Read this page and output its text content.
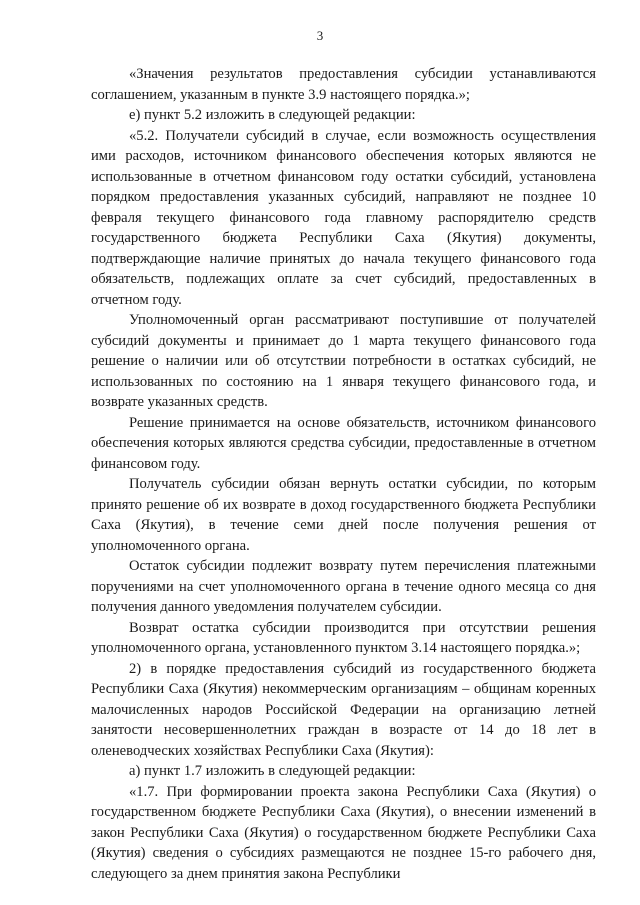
3

«Значения результатов предоставления субсидии устанавливаются соглашением, указанным в пункте 3.9 настоящего порядка.»;

е) пункт 5.2 изложить в следующей редакции:

«5.2. Получатели субсидий в случае, если возможность осуществления ими расходов, источником финансового обеспечения которых являются не использованные в отчетном финансовом году остатки субсидий, установлена порядком предоставления указанных субсидий, направляют не позднее 10 февраля текущего финансового года главному распорядителю средств государственного бюджета Республики Саха (Якутия) документы, подтверждающие наличие принятых до начала текущего финансового года обязательств, подлежащих оплате за счет субсидий, предоставленных в отчетном году.

Уполномоченный орган рассматривают поступившие от получателей субсидий документы и принимает до 1 марта текущего финансового года решение о наличии или об отсутствии потребности в остатках субсидий, не использованных по состоянию на 1 января текущего финансового года, и возврате указанных средств.

Решение принимается на основе обязательств, источником финансового обеспечения которых являются средства субсидии, предоставленные в отчетном финансовом году.

Получатель субсидии обязан вернуть остатки субсидии, по которым принято решение об их возврате в доход государственного бюджета Республики Саха (Якутия), в течение семи дней после получения решения от уполномоченного органа.

Остаток субсидии подлежит возврату путем перечисления платежными поручениями на счет уполномоченного органа в течение одного месяца со дня получения данного уведомления получателем субсидии.

Возврат остатка субсидии производится при отсутствии решения уполномоченного органа, установленного пунктом 3.14 настоящего порядка.»;

2) в порядке предоставления субсидий из государственного бюджета Республики Саха (Якутия) некоммерческим организациям – общинам коренных малочисленных народов Российской Федерации на организацию летней занятости несовершеннолетних граждан в возрасте от 14 до 18 лет в оленеводческих хозяйствах Республики Саха (Якутия):

а) пункт 1.7 изложить в следующей редакции:

«1.7. При формировании проекта закона Республики Саха (Якутия) о государственном бюджете Республики Саха (Якутия), о внесении изменений в закон Республики Саха (Якутия) о государственном бюджете Республики Саха (Якутия) сведения о субсидиях размещаются не позднее 15-го рабочего дня, следующего за днем принятия закона Республики
